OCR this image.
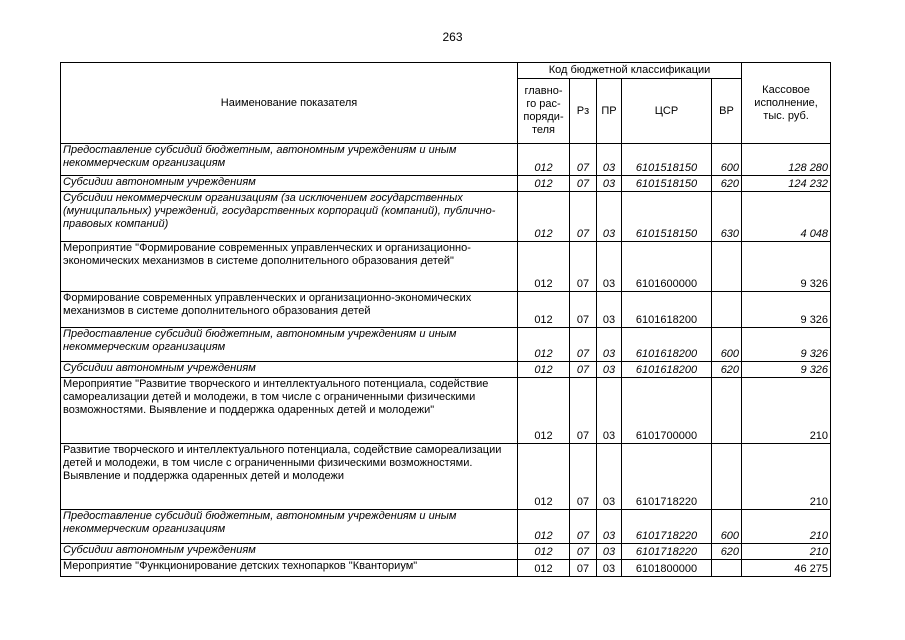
263
Наименование показателя	Код бюджетной классификации					Кассовое исполнение, тыс. руб.
	главно-го рас-поряди-теля	Рз	ПР	ЦСР	ВР	
Предоставление субсидий бюджетным, автономным учреждениям и иным некоммерческим организациям	012	07	03	6101518150	600	128 280
Субсидии автономным учреждениям	012	07	03	6101518150	620	124 232
Субсидии некоммерческим организациям (за исключением государственных (муниципальных) учреждений, государственных корпораций (компаний), публично-правовых компаний)	012	07	03	6101518150	630	4 048
Мероприятие "Формирование современных управленческих и организационно-экономических механизмов в системе дополнительного образования детей"	012	07	03	6101600000		9 326
Формирование современных управленческих и организационно-экономических механизмов в системе дополнительного образования детей	012	07	03	6101618200		9 326
Предоставление субсидий бюджетным, автономным учреждениям и иным некоммерческим организациям	012	07	03	6101618200	600	9 326
Субсидии автономным учреждениям	012	07	03	6101618200	620	9 326
Мероприятие "Развитие творческого и интеллектуального потенциала, содействие самореализации детей и молодежи, в том числе с ограниченными физическими возможностями. Выявление и поддержка одаренных детей и молодежи"	012	07	03	6101700000		210
Развитие творческого и интеллектуального потенциала, содействие самореализации детей и молодежи, в том числе с ограниченными физическими возможностями. Выявление и поддержка одаренных детей и молодежи	012	07	03	6101718220		210
Предоставление субсидий бюджетным, автономным учреждениям и иным некоммерческим организациям	012	07	03	6101718220	600	210
Субсидии автономным учреждениям	012	07	03	6101718220	620	210
Мероприятие "Функционирование детских технопарков "Кванториум"	012	07	03	6101800000		46 275
